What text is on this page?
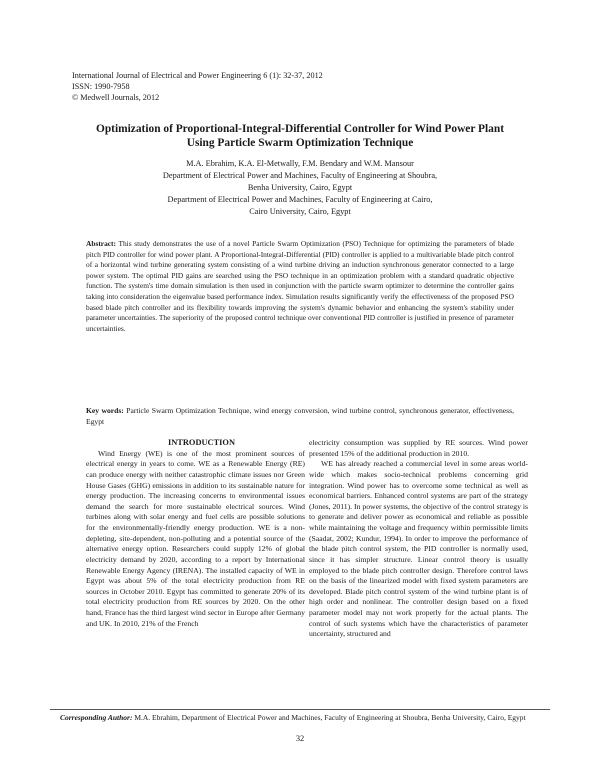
International Journal of Electrical and Power Engineering 6 (1): 32-37, 2012
ISSN: 1990-7958
© Medwell Journals, 2012
Optimization of Proportional-Integral-Differential Controller for Wind Power Plant Using Particle Swarm Optimization Technique
M.A. Ebrahim, K.A. El-Metwally, F.M. Bendary and W.M. Mansour
Department of Electrical Power and Machines, Faculty of Engineering at Shoubra,
Benha University, Cairo, Egypt
Department of Electrical Power and Machines, Faculty of Engineering at Cairo,
Cairo University, Cairo, Egypt
Abstract: This study demonstrates the use of a novel Particle Swarm Optimization (PSO) Technique for optimizing the parameters of blade pitch PID controller for wind power plant. A Proportional-Integral-Differential (PID) controller is applied to a multivariable blade pitch control of a horizontal wind turbine generating system consisting of a wind turbine driving an induction synchronous generator connected to a large power system. The optimal PID gains are searched using the PSO technique in an optimization problem with a standard quadratic objective function. The system's time domain simulation is then used in conjunction with the particle swarm optimizer to determine the controller gains taking into consideration the eigenvalue based performance index. Simulation results significantly verify the effectiveness of the proposed PSO based blade pitch controller and its flexibility towards improving the system's dynamic behavior and enhancing the system's stability under parameter uncertainties. The superiority of the proposed control technique over conventional PID controller is justified in presence of parameter uncertainties.
Key words: Particle Swarm Optimization Technique, wind energy conversion, wind turbine control, synchronous generator, effectiveness, Egypt

INTRODUCTION

Wind Energy (WE) is one of the most prominent sources of electrical energy in years to come. WE as a Renewable Energy (RE) can produce energy with neither catastrophic climate issues nor Green House Gases (GHG) emissions in addition to its sustainable nature for energy production. The increasing concerns to environmental issues demand the search for more sustainable electrical sources. Wind turbines along with solar energy and fuel cells are possible solutions for the environmentally-friendly energy production. WE is a non-depleting, site-dependent, non-polluting and a potential source of the alternative energy option. Researchers could supply 12% of global electricity demand by 2020, according to a report by International Renewable Energy Agency (IRENA). The installed capacity of WE in Egypt was about 5% of the total electricity production from RE sources in October 2010. Egypt has committed to generate 20% of its total electricity production from RE sources by 2020. On the other hand, France has the third largest wind sector in Europe after Germany and UK. In 2010, 21% of the French

electricity consumption was supplied by RE sources. Wind power presented 15% of the additional production in 2010.

WE has already reached a commercial level in some areas world-wide which makes socio-technical problems concerning grid integration. Wind power has to overcome some technical as well as economical barriers. Enhanced control systems are part of the strategy (Jones, 2011). In power systems, the objective of the control strategy is to generate and deliver power as economical and reliable as possible while maintaining the voltage and frequency within permissible limits (Saadat, 2002; Kundur, 1994). In order to improve the performance of the blade pitch control system, the PID controller is normally used, since it has simpler structure. Linear control theory is usually employed to the blade pitch controller design. Therefore control laws on the basis of the linearized model with fixed system parameters are developed. Blade pitch control system of the wind turbine plant is of high order and nonlinear. The controller design based on a fixed parameter model may not work properly for the actual plants. The control of such systems which have the characteristics of parameter uncertainty, structured and

Corresponding Author: M.A. Ebrahim, Department of Electrical Power and Machines, Faculty of Engineering at Shoubra, Benha University, Cairo, Egypt
32
